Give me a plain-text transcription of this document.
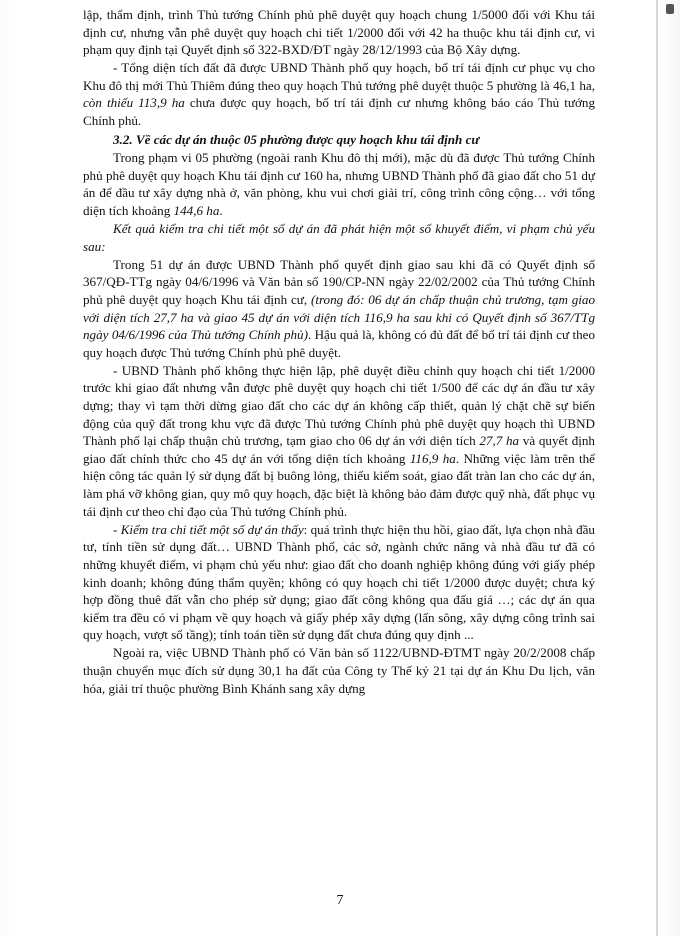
lập, thẩm định, trình Thủ tướng Chính phủ phê duyệt quy hoạch chung 1/5000 đối với Khu tái định cư, nhưng vẫn phê duyệt quy hoạch chi tiết 1/2000 đối với 42 ha thuộc khu tái định cư, vi phạm quy định tại Quyết định số 322-BXD/ĐT ngày 28/12/1993 của Bộ Xây dựng.

- Tổng diện tích đất đã được UBND Thành phố quy hoạch, bố trí tái định cư phục vụ cho Khu đô thị mới Thủ Thiêm đúng theo quy hoạch Thủ tướng phê duyệt thuộc 5 phường là 46,1 ha, còn thiếu 113,9 ha chưa được quy hoạch, bố trí tái định cư nhưng không báo cáo Thủ tướng Chính phủ.

3.2. Về các dự án thuộc 05 phường được quy hoạch khu tái định cư

Trong phạm vi 05 phường (ngoài ranh Khu đô thị mới), mặc dù đã được Thủ tướng Chính phủ phê duyệt quy hoạch Khu tái định cư 160 ha, nhưng UBND Thành phố đã giao đất cho 51 dự án để đầu tư xây dựng nhà ở, văn phòng, khu vui chơi giải trí, công trình công cộng… với tổng diện tích khoảng 144,6 ha.

Kết quả kiểm tra chi tiết một số dự án đã phát hiện một số khuyết điểm, vi phạm chủ yếu sau:

Trong 51 dự án được UBND Thành phố quyết định giao sau khi đã có Quyết định số 367/QĐ-TTg ngày 04/6/1996 và Văn bản số 190/CP-NN ngày 22/02/2002 của Thủ tướng Chính phủ phê duyệt quy hoạch Khu tái định cư, (trong đó: 06 dự án chấp thuận chủ trương, tạm giao với diện tích 27,7 ha và giao 45 dự án với diện tích 116,9 ha sau khi có Quyết định số 367/TTg ngày 04/6/1996 của Thủ tướng Chính phủ). Hậu quả là, không có đủ đất để bố trí tái định cư theo quy hoạch được Thủ tướng Chính phủ phê duyệt.

- UBND Thành phố không thực hiện lập, phê duyệt điều chỉnh quy hoạch chi tiết 1/2000 trước khi giao đất nhưng vẫn được phê duyệt quy hoạch chi tiết 1/500 để các dự án đầu tư xây dựng; thay vì tạm thời dừng giao đất cho các dự án không cấp thiết, quản lý chặt chẽ sự biến động của quỹ đất trong khu vực đã được Thủ tướng Chính phủ phê duyệt quy hoạch thì UBND Thành phố lại chấp thuận chủ trương, tạm giao cho 06 dự án với diện tích 27,7 ha và quyết định giao đất chính thức cho 45 dự án với tổng diện tích khoảng 116,9 ha. Những việc làm trên thể hiện công tác quản lý sử dụng đất bị buông lỏng, thiếu kiểm soát, giao đất tràn lan cho các dự án, làm phá vỡ không gian, quy mô quy hoạch, đặc biệt là không bảo đảm được quỹ nhà, đất phục vụ tái định cư theo chỉ đạo của Thủ tướng Chính phủ.

- Kiểm tra chi tiết một số dự án thấy: quá trình thực hiện thu hồi, giao đất, lựa chọn nhà đầu tư, tính tiền sử dụng đất… UBND Thành phố, các sở, ngành chức năng và nhà đầu tư đã có những khuyết điểm, vi phạm chủ yếu như: giao đất cho doanh nghiệp không đúng với giấy phép kinh doanh; không đúng thẩm quyền; không có quy hoạch chi tiết 1/2000 được duyệt; chưa ký hợp đồng thuê đất vẫn cho phép sử dụng; giao đất công không qua đấu giá …; các dự án qua kiểm tra đều có vi phạm về quy hoạch và giấy phép xây dựng (lấn sông, xây dựng công trình sai quy hoạch, vượt số tầng); tính toán tiền sử dụng đất chưa đúng quy định ...

Ngoài ra, việc UBND Thành phố có Văn bản số 1122/UBND-ĐTMT ngày 20/2/2008 chấp thuận chuyển mục đích sử dụng 30,1 ha đất của Công ty Thế kỷ 21 tại dự án Khu Du lịch, văn hóa, giải trí thuộc phường Bình Khánh sang xây dựng

7
